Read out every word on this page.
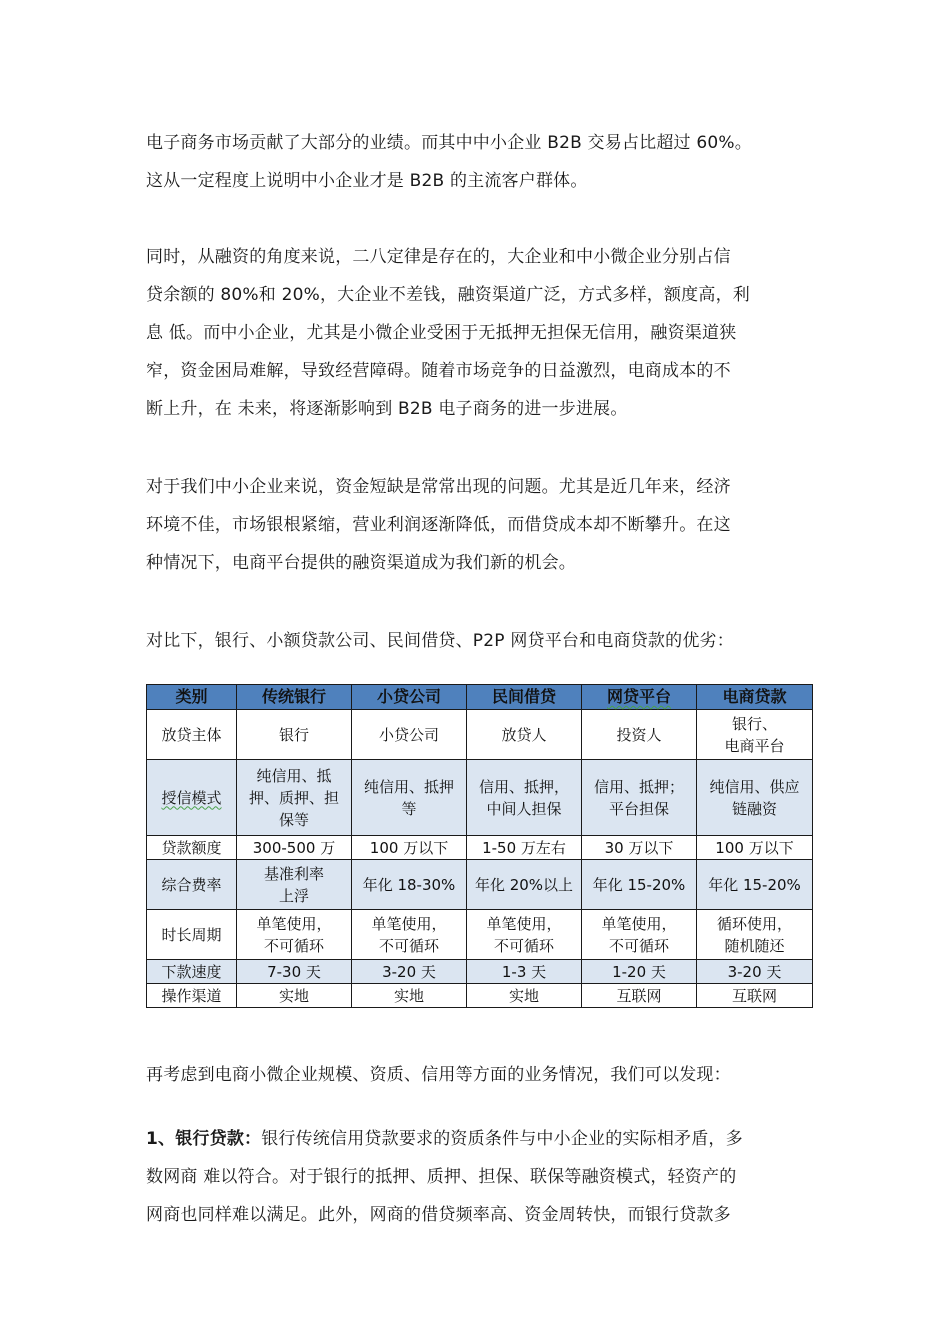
电子商务市场贡献了大部分的业绩。而其中中小企业 B2B 交易占比超过 60%。
这从一定程度上说明中小企业才是 B2B 的主流客户群体。

同时，从融资的角度来说，二八定律是存在的，大企业和中小微企业分别占信
贷余额的 80%和 20%，大企业不差钱，融资渠道广泛，方式多样，额度高，利
息 低。而中小企业，尤其是小微企业受困于无抵押无担保无信用，融资渠道狭
窄，资金困局难解，导致经营障碍。随着市场竞争的日益激烈，电商成本的不
断上升，在 未来，将逐渐影响到 B2B 电子商务的进一步进展。

对于我们中小企业来说，资金短缺是常常出现的问题。尤其是近几年来，经济
环境不佳，市场银根紧缩，营业利润逐渐降低，而借贷成本却不断攀升。在这
种情况下，电商平台提供的融资渠道成为我们新的机会。

对比下，银行、小额贷款公司、民间借贷、P2P 网贷平台和电商贷款的优劣：

类别	传统银行	小贷公司	民间借贷	网贷平台	电商贷款
放贷主体	银行	小贷公司	放贷人	投资人	银行、
电商平台

授信模式	纯信用、抵
押、质押、担
保等	纯信用、抵押
等	信用、抵押，
中间人担保	信用、抵押；
平台担保	纯信用、供应
链融资

贷款额度	300-500 万	100 万以下	1-50 万左右	30 万以下	100 万以下
综合费率	基准利率
上浮	年化 18-30%	年化 20%以上	年化 15-20%	年化 15-20%
时长周期	单笔使用，
不可循环	单笔使用，
不可循环	单笔使用，
不可循环	单笔使用，
不可循环	循环使用，
随机随还

下款速度	7-30 天	3-20 天	1-3 天	1-20 天	3-20 天
操作渠道	实地	实地	实地	互联网	互联网

再考虑到电商小微企业规模、资质、信用等方面的业务情况，我们可以发现：

1、银行贷款：银行传统信用贷款要求的资质条件与中小企业的实际相矛盾，多
数网商 难以符合。对于银行的抵押、质押、担保、联保等融资模式，轻资产的
网商也同样难以满足。此外，网商的借贷频率高、资金周转快，而银行贷款多
